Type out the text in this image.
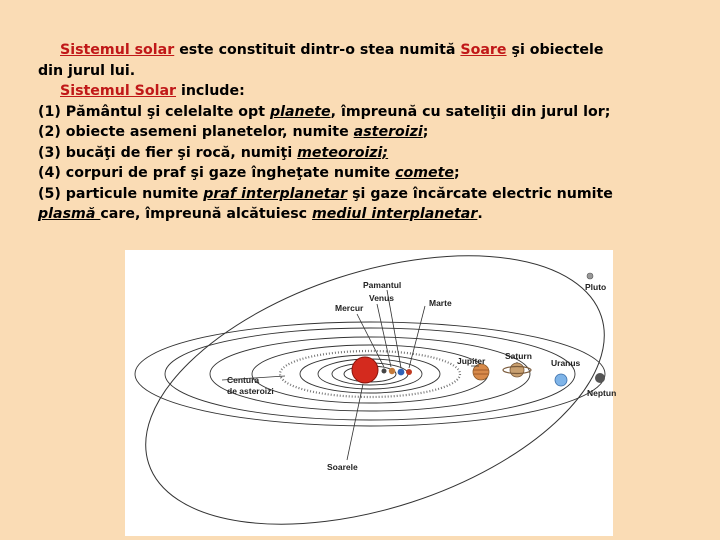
Sistemul solar este constituit dintr-o stea numită Soare şi obiectele
din jurul lui.
Sistemul Solar include:
(1) Pământul şi celelalte opt planete, împreună cu sateliţii din jurul lor;
(2) obiecte asemeni planetelor, numite asteroizi;
(3) bucăţi de fier şi rocă, numiţi meteoroizi;
(4) corpuri de praf şi gaze îngheţate numite comete;
(5) particule numite praf interplanetar şi gaze încărcate electric numite
plasmă care, împreună alcătuiesc mediul interplanetar.
Pamantul
Venus	Marte
Mercur
Pluto
Jupiter Saturn
Uranus
Neptun
Centura
de asteroizi
Soarele
